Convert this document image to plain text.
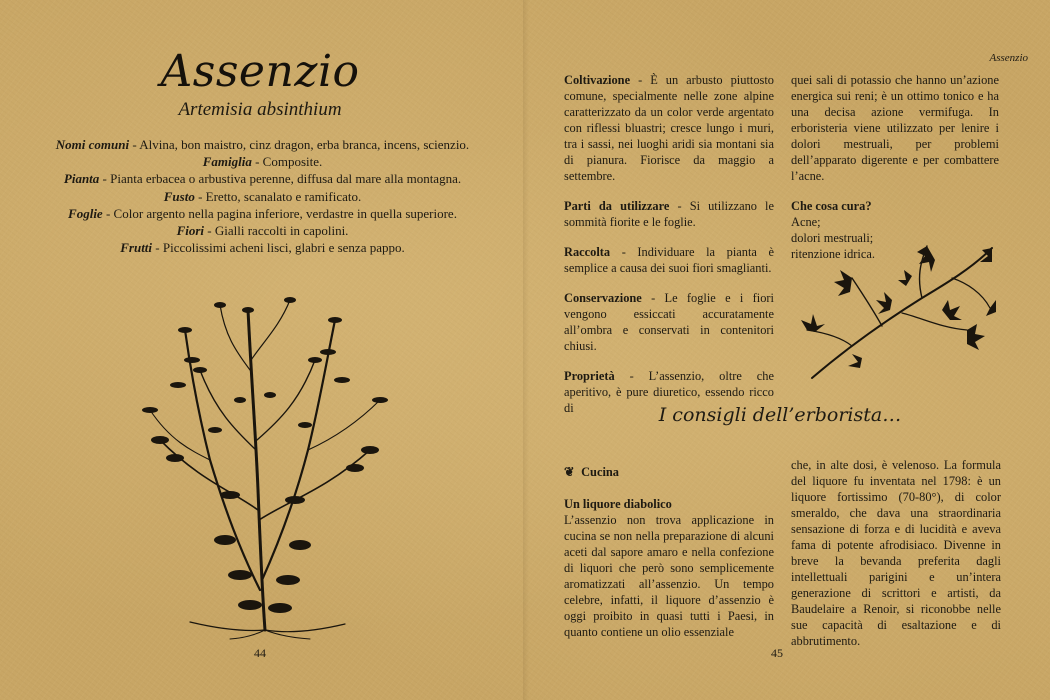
Assenzio
Artemisia absinthium
Nomi comuni - Alvina, bon maistro, cinz dragon, erba branca, incens, scienzio.
Famiglia - Composite.
Pianta - Pianta erbacea o arbustiva perenne, diffusa dal mare alla montagna.
Fusto - Eretto, scanalato e ramificato.
Foglie - Color argento nella pagina inferiore, verdastre in quella superiore.
Fiori - Gialli raccolti in capolini.
Frutti - Piccolissimi acheni lisci, glabri e senza pappo.
44
Assenzio

Coltivazione - È un arbusto piuttosto comune, specialmente nelle zone alpine caratterizzato da un color verde argentato con riflessi bluastri; cresce lungo i muri, tra i sassi, nei luoghi aridi sia montani sia di pianura. Fiorisce da maggio a settembre.

Parti da utilizzare - Si utilizzano le sommità fiorite e le foglie.

Raccolta - Individuare la pianta è semplice a causa dei suoi fiori smaglianti.

Conservazione - Le foglie e i fiori vengono essiccati accuratamente all’ombra e conservati in contenitori chiusi.

Proprietà - L’assenzio, oltre che aperitivo, è pure diuretico, essendo ricco di

quei sali di potassio che hanno un’azione energica sui reni; è un ottimo tonico e ha una decisa azione vermifuga. In erboristeria viene utilizzato per lenire i dolori mestruali, per problemi dell’apparato digerente e per combattere l’acne.

Che cosa cura?
Acne;
dolori mestruali;
ritenzione idrica.
I consigli dell’erborista…

❦ Cucina

Un liquore diabolico

L’assenzio non trova applicazione in cucina se non nella preparazione di alcuni aceti dal sapore amaro e nella confezione di liquori che però sono semplicemente aromatizzati all’assenzio. Un tempo celebre, infatti, il liquore d’assenzio è oggi proibito in quasi tutti i Paesi, in quanto contiene un olio essenziale

che, in alte dosi, è velenoso. La formula del liquore fu inventata nel 1798: è un liquore fortissimo (70-80°), di color smeraldo, che dava una straordinaria sensazione di forza e di lucidità e aveva fama di potente afrodisiaco. Divenne in breve la bevanda preferita dagli intellettuali parigini e un’intera generazione di scrittori e artisti, da Baudelaire a Renoir, si riconobbe nelle sue capacità di esaltazione e di abbrutimento.

45
